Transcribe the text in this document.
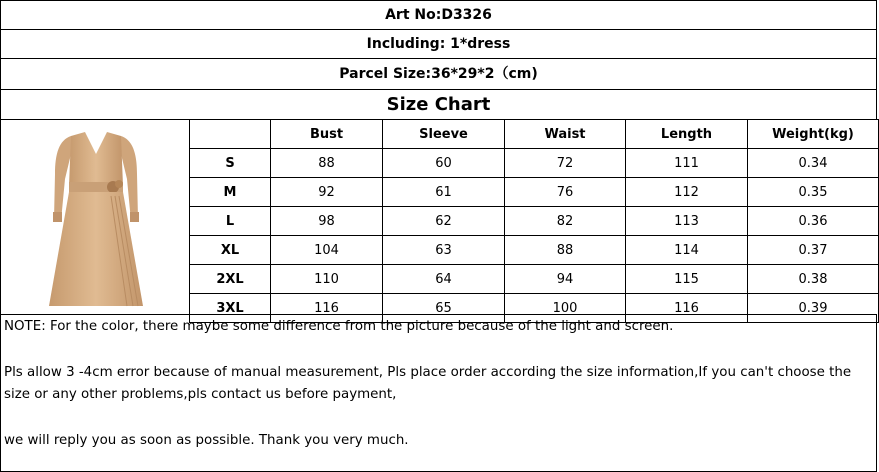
Art No:D3326
Including: 1*dress
Parcel Size:36*29*2（cm)
Size Chart
	Bust	Sleeve	Waist	Length	Weight(kg)
S	88	60	72	111	0.34
M	92	61	76	112	0.35
L	98	62	82	113	0.36
XL	104	63	88	114	0.37
2XL	110	64	94	115	0.38
3XL	116	65	100	116	0.39

NOTE: For the color, there maybe some difference from the picture because of the light and screen.

Pls allow 3 -4cm error because of manual measurement, Pls place order according the size information,If you can't choose the size or any other problems,pls contact us before payment,

we will reply you as soon as possible. Thank you very much.
